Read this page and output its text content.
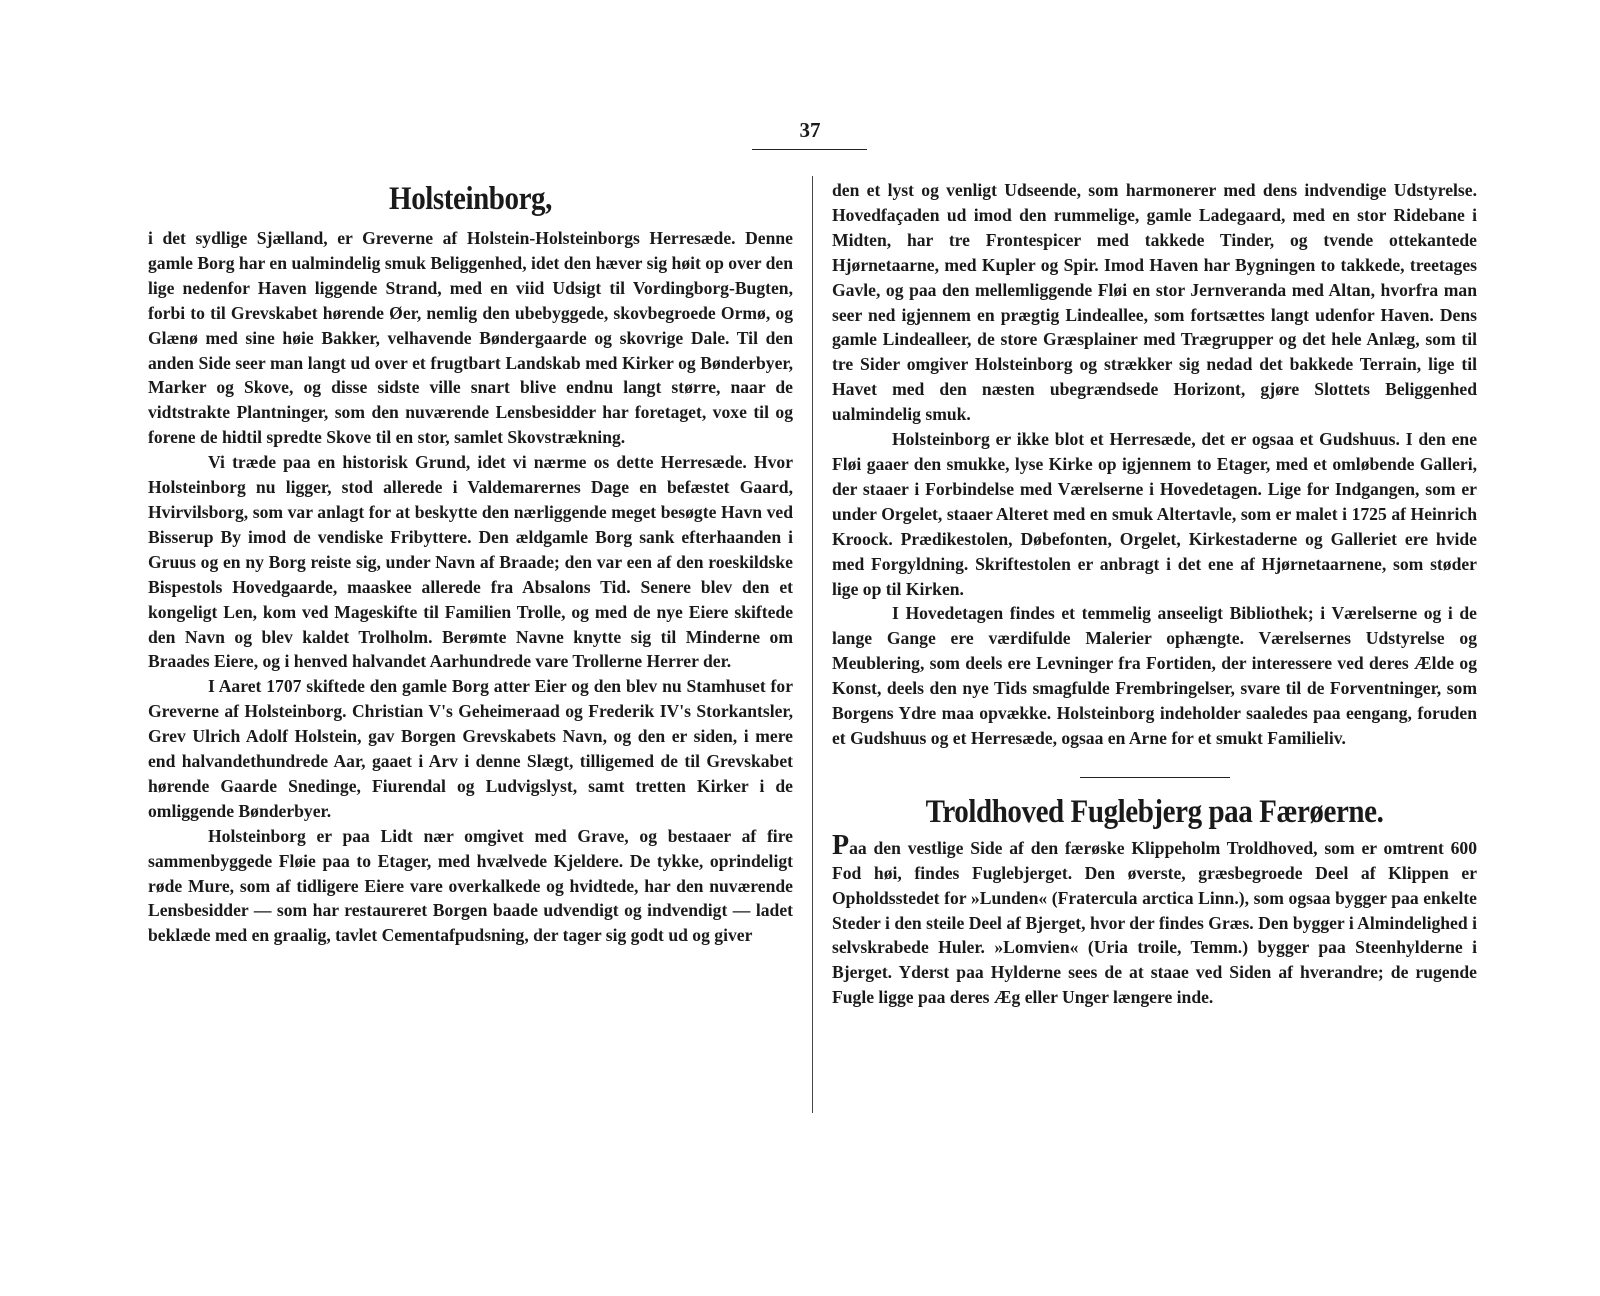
37
Holsteinborg,

i det sydlige Sjælland, er Greverne af Holstein-Holsteinborgs Herresæde. Denne gamle Borg har en ualmindelig smuk Beliggenhed, idet den hæver sig høit op over den lige nedenfor Haven liggende Strand, med en viid Udsigt til Vordingborg-Bugten, forbi to til Grevskabet hørende Øer, nemlig den ubebyggede, skovbegroede Ormø, og Glænø med sine høie Bakker, velhavende Bøndergaarde og skovrige Dale. Til den anden Side seer man langt ud over et frugtbart Landskab med Kirker og Bønderbyer, Marker og Skove, og disse sidste ville snart blive endnu langt større, naar de vidtstrakte Plantninger, som den nuværende Lensbesidder har foretaget, voxe til og forene de hidtil spredte Skove til en stor, samlet Skovstrækning.

Vi træde paa en historisk Grund, idet vi nærme os dette Herresæde. Hvor Holsteinborg nu ligger, stod allerede i Valdemarernes Dage en befæstet Gaard, Hvirvilsborg, som var anlagt for at beskytte den nærliggende meget besøgte Havn ved Bisserup By imod de vendiske Fribyttere. Den ældgamle Borg sank efterhaanden i Gruus og en ny Borg reiste sig, under Navn af Braade; den var een af den roeskildske Bispestols Hovedgaarde, maaskee allerede fra Absalons Tid. Senere blev den et kongeligt Len, kom ved Mageskifte til Familien Trolle, og med de nye Eiere skiftede den Navn og blev kaldet Trolholm. Berømte Navne knytte sig til Minderne om Braades Eiere, og i henved halvandet Aarhundrede vare Trollerne Herrer der.

I Aaret 1707 skiftede den gamle Borg atter Eier og den blev nu Stamhuset for Greverne af Holsteinborg. Christian V's Geheimeraad og Frederik IV's Storkantsler, Grev Ulrich Adolf Holstein, gav Borgen Grevskabets Navn, og den er siden, i mere end halvandethundrede Aar, gaaet i Arv i denne Slægt, tilligemed de til Grevskabet hørende Gaarde Snedinge, Fiurendal og Ludvigslyst, samt tretten Kirker i de omliggende Bønderbyer.

Holsteinborg er paa Lidt nær omgivet med Grave, og bestaaer af fire sammenbyggede Fløie paa to Etager, med hvælvede Kjeldere. De tykke, oprindeligt røde Mure, som af tidligere Eiere vare overkalkede og hvidtede, har den nuværende Lensbesidder — som har restaureret Borgen baade udvendigt og indvendigt — ladet beklæde med en graalig, tavlet Cementafpudsning, der tager sig godt ud og giver

den et lyst og venligt Udseende, som harmonerer med dens indvendige Udstyrelse. Hovedfaçaden ud imod den rummelige, gamle Ladegaard, med en stor Ridebane i Midten, har tre Frontespicer med takkede Tinder, og tvende ottekantede Hjørnetaarne, med Kupler og Spir. Imod Haven har Bygningen to takkede, treetages Gavle, og paa den mellemliggende Fløi en stor Jernveranda med Altan, hvorfra man seer ned igjennem en prægtig Lindeallee, som fortsættes langt udenfor Haven. Dens gamle Lindealleer, de store Græsplainer med Trægrupper og det hele Anlæg, som til tre Sider omgiver Holsteinborg og strækker sig nedad det bakkede Terrain, lige til Havet med den næsten ubegrændsede Horizont, gjøre Slottets Beliggenhed ualmindelig smuk.

Holsteinborg er ikke blot et Herresæde, det er ogsaa et Gudshuus. I den ene Fløi gaaer den smukke, lyse Kirke op igjennem to Etager, med et omløbende Galleri, der staaer i Forbindelse med Værelserne i Hovedetagen. Lige for Indgangen, som er under Orgelet, staaer Alteret med en smuk Altertavle, som er malet i 1725 af Heinrich Kroock. Prædikestolen, Døbefonten, Orgelet, Kirkestaderne og Galleriet ere hvide med Forgyldning. Skriftestolen er anbragt i det ene af Hjørnetaarnene, som støder lige op til Kirken.

I Hovedetagen findes et temmelig anseeligt Bibliothek; i Værelserne og i de lange Gange ere værdifulde Malerier ophængte. Værelsernes Udstyrelse og Meublering, som deels ere Levninger fra Fortiden, der interessere ved deres Ælde og Konst, deels den nye Tids smagfulde Frembringelser, svare til de Forventninger, som Borgens Ydre maa opvække. Holsteinborg indeholder saaledes paa eengang, foruden et Gudshuus og et Herresæde, ogsaa en Arne for et smukt Familieliv.

Troldhoved Fuglebjerg paa Færøerne.

Paa den vestlige Side af den færøske Klippeholm Troldhoved, som er omtrent 600 Fod høi, findes Fuglebjerget. Den øverste, græsbegroede Deel af Klippen er Opholdsstedet for »Lunden« (Fratercula arctica Linn.), som ogsaa bygger paa enkelte Steder i den steile Deel af Bjerget, hvor der findes Græs. Den bygger i Almindelighed i selvskrabede Huler. »Lomvien« (Uria troile, Temm.) bygger paa Steenhylderne i Bjerget. Yderst paa Hylderne sees de at staae ved Siden af hverandre; de rugende Fugle ligge paa deres Æg eller Unger længere inde.
